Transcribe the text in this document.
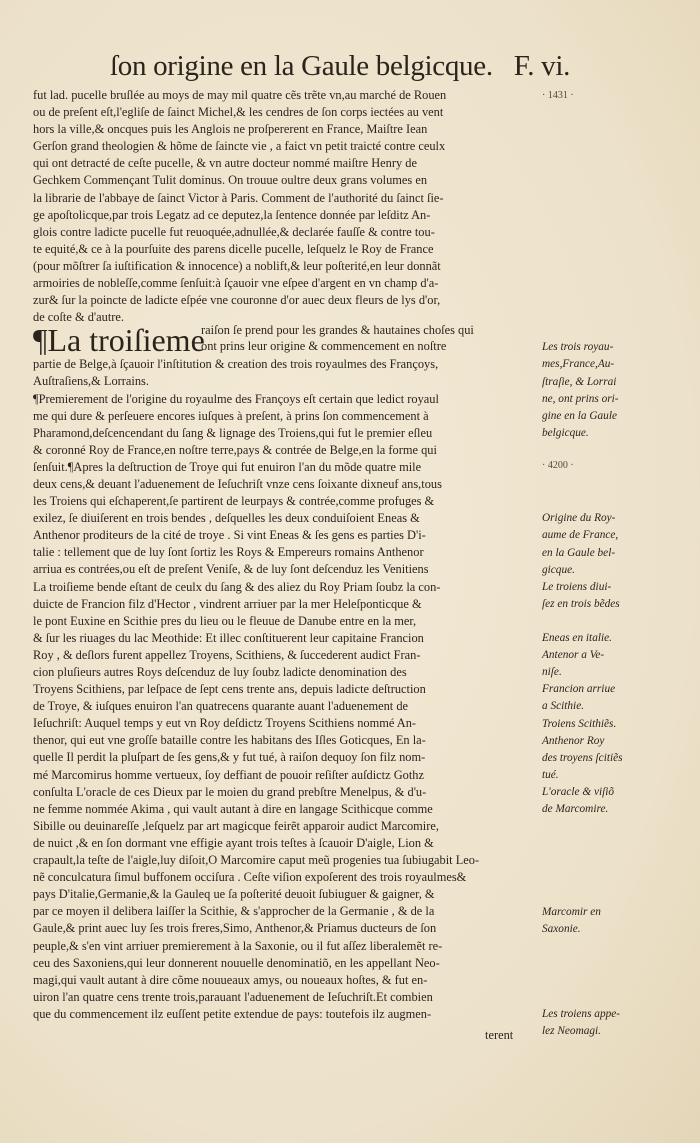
ſon origine en la Gaule belgicque. F. vi.
fut lad. pucelle bruſlée au moys de may mil quatre cẽs trẽte vn,au marché de Rouen
ou de preſent eſt,l'egliſe de ſainct Michel,& les cendres de ſon corps iectées au vent
hors la ville,& oncques puis les Anglois ne proſpererent en France, Maiſtre Iean
Gerſon grand theologien & hõme de ſaincte vie , a faict vn petit traicté contre ceulx
qui ont detracté de ceſte pucelle, & vn autre docteur nommé maiſtre Henry de
Gechkem Commençant Tulit dominus. On trouue oultre deux grans volumes en
la librarie de l'abbaye de ſainct Victor à Paris. Comment de l'authorité du ſainct ſie-
ge apoſtolicque,par trois Legatz ad ce deputez,la ſentence donnée par leſditz An-
glois contre ladicte pucelle fut reuoquée,adnullée,& declarée fauſſe & contre tou-
te equité,& ce à la pourſuite des parens dicelle pucelle, leſquelz le Roy de France
(pour mõſtrer ſa iuſtification & innocence) a noblift,& leur poſterité,en leur donnãt
armoiries de nobleſſe,comme ſenſuit:à ſçauoir vne eſpee d'argent en vn champ d'a-
zur& ſur la poincte de ladicte eſpée vne couronne d'or auec deux fleurs de lys d'or,
de coſte & d'autre.
¶La troiſieme
raiſon ſe prend pour les grandes & hautaines choſes qui
ont prins leur origine & commencement en noſtre
partie de Belge,à ſçauoir l'inſtitution & creation des trois royaulmes des Françoys,
Auſtraſiens,& Lorrains.
¶Premierement de l'origine du royaulme des Françoys eſt certain que ledict royaul
me qui dure & perſeuere encores iuſques à preſent, à prins ſon commencement à
Pharamond,deſcencendant du ſang & lignage des Troiens,qui fut le premier eſleu
& coronné Roy de France,en noſtre terre,pays & contrée de Belge,en la forme qui
ſenſuit.¶Apres la deſtruction de Troye qui fut enuiron l'an du mõde quatre mile
deux cens,& deuant l'aduenement de Ieſuchriſt vnze cens ſoixante dixneuf ans,tous
les Troiens qui eſchaperent,ſe partirent de leurpays & contrée,comme profuges &
exilez, ſe diuiſerent en trois bendes , deſquelles les deux conduiſoient Eneas &
Anthenor proditeurs de la cité de troye . Si vint Eneas & ſes gens es parties D'i-
talie : tellement que de luy ſont ſortiz les Roys & Empereurs romains Anthenor
arriua es contrées,ou eſt de preſent Veniſe, & de luy ſont deſcenduz les Venitiens
La troiſieme bende eſtant de ceulx du ſang & des aliez du Roy Priam ſoubz la con-
duicte de Francion filz d'Hector , vindrent arriuer par la mer Heleſponticque &
le pont Euxine en Scithie pres du lieu ou le fleuue de Danube entre en la mer,
& ſur les riuages du lac Meothide: Et illec conſtituerent leur capitaine Francion
Roy , & deſlors furent appellez Troyens, Scithiens, & ſuccederent audict Fran-
cion pluſieurs autres Roys deſcenduz de luy ſoubz ladicte denomination des
Troyens Scithiens, par leſpace de ſept cens trente ans, depuis ladicte deſtruction
de Troye, & iuſques enuiron l'an quatrecens quarante auant l'aduenement de
Ieſuchriſt: Auquel temps y eut vn Roy deſdictz Troyens Scithiens nommé An-
thenor, qui eut vne groſſe bataille contre les habitans des Iſles Goticques, En la-
quelle Il perdit la pluſpart de ſes gens,& y fut tué, à raiſon dequoy ſon filz nom-
mé Marcomirus homme vertueux, ſoy deffiant de pouoir reſiſter auſdictz Gothz
conſulta L'oracle de ces Dieux par le moien du grand prebſtre Menelpus, & d'u-
ne femme nommée Akima , qui vault autant à dire en langage Scithicque comme
Sibille ou deuinareſſe ,leſquelz par art magicque feirẽt apparoir audict Marcomire,
de nuict ,& en ſon dormant vne effigie ayant trois teſtes à ſcauoir D'aigle, Lion &
crapault,la teſte de l'aigle,luy diſoit,O Marcomire caput meũ progenies tua ſubiugabit Leo-
nẽ conculcatura ſimul buffonem occiſura . Ceſte viſion expoſerent des trois royaulmes&
pays D'italie,Germanie,& la Gauleq ue ſa poſterité deuoit ſubiuguer & gaigner, &
par ce moyen il delibera laiſſer la Scithie, & s'approcher de la Germanie , & de la
Gaule,& print auec luy ſes trois freres,Simo, Anthenor,& Priamus ducteurs de ſon
peuple,& s'en vint arriuer premierement à la Saxonie, ou il fut aſſez liberalemẽt re-
ceu des Saxoniens,qui leur donnerent nouuelle denominatiõ, en les appellant Neo-
magi,qui vault autant à dire cõme nouueaux amys, ou noueaux hoſtes, & fut en-
uiron l'an quatre cens trente trois,parauant l'aduenement de Ieſuchriſt.Et combien
que du commencement ilz euſſent petite extendue de pays: toutefois ilz augmen-
· 1431 ·
· 4200 ·
Les trois royau-
mes,France,Au-
ſtraſie, & Lorrai
ne, ont prins ori-
gine en la Gaule
belgicque.
Origine du Roy-
aume de France,
en la Gaule bel-
gicque.
Le troiens diui-
ſez en trois bẽdes
Eneas en italie.
Antenor a Ve-
niſe.
Francion arriue
a Scithie.
Troiens Scithiẽs.
Anthenor Roy
des troyens ſcitiẽs
tué.
L'oracle & viſiõ
de Marcomire.
Marcomir en
Saxonie.
Les troiens appe-
lez Neomagi.
terent
